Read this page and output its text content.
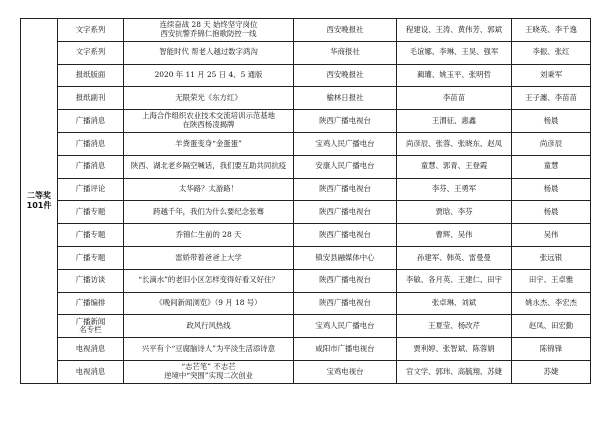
二等奖
101件	文字系列	连续奋战 28 天 始终坚守岗位
西安抗警乔锦仁抱歌防控一线	西安晚报社	程建设、王涛、黄伟芳、郭斌	王晓英、李千逸
	文字系列	智能时代 帮老人越过数字鸿沟	华商报社	毛谊娜、李琳、王昊、强军	李振、张红
	报纸版面	2020 年 11 月 25 日 4、5 通版	西安晚报社	蔺瓘、姚玉平、张明哲	刘秉军
	报纸副刊	无限荣光《东方红》	榆林日报社	李苗苗	王子瀍、李苗苗
	广播消息	上海合作组织农业技术交流培训示范基地
在陕西杨凌揭牌	陕西广播电视台	王渭征、惠鑫	杨晨
	广播消息	羊粪蛋变身“金蛋蛋”	宝鸡人民广播电台	尚彦辰、张蓉、张晓东、赵凤	尚彦辰
	广播消息	陕西、湖北老乡隔空喊话，我们要互助共同抗疫	安康人民广播电台	童慧、郭青、王登霞	童慧
	广播评论	太华路？太游路！	陕西广播电视台	李芬、王勇军	杨晨
	广播专题	跨越千年，我们为什么要纪念张骞	陕西广播电视台	贾晗、李芬	杨晨
	广播专题	乔锦仁生前的 28 天	陕西广播电视台	曹辉、吴伟	吴伟
	广播专题	雷娇带着爸爸上大学	镇安县融媒体中心	孙建军、韩英、雷曼曼	张远银
	广播访谈	“长滴水”的老旧小区怎样变得好看又好住？	陕西广播电视台	李敏、各月英、王建仁、田宇	田宇、王卓雅
	广播编排	《晚间新闻浏览》（9 月 18 号）	陕西广播电视台	张卓琳、刘斌	姚永杰、李宏杰
	广播新闻
名专栏	政风行风热线	宝鸡人民广播电台	王夏莹、杨改芹	赵凤、田宏勤
	电视消息	兴平有个“豆腐脑诗人”为平淡生活添诗意	咸阳市广播电视台	贾利婷、张智斌、陈蓉娟	陈锦锋
	电视消息	“志芒笔” 不志芒
逆境中“突围”实现二次创业	宝鸡电视台	官文学、郭玮、高毓翔、苏婕	苏婕
